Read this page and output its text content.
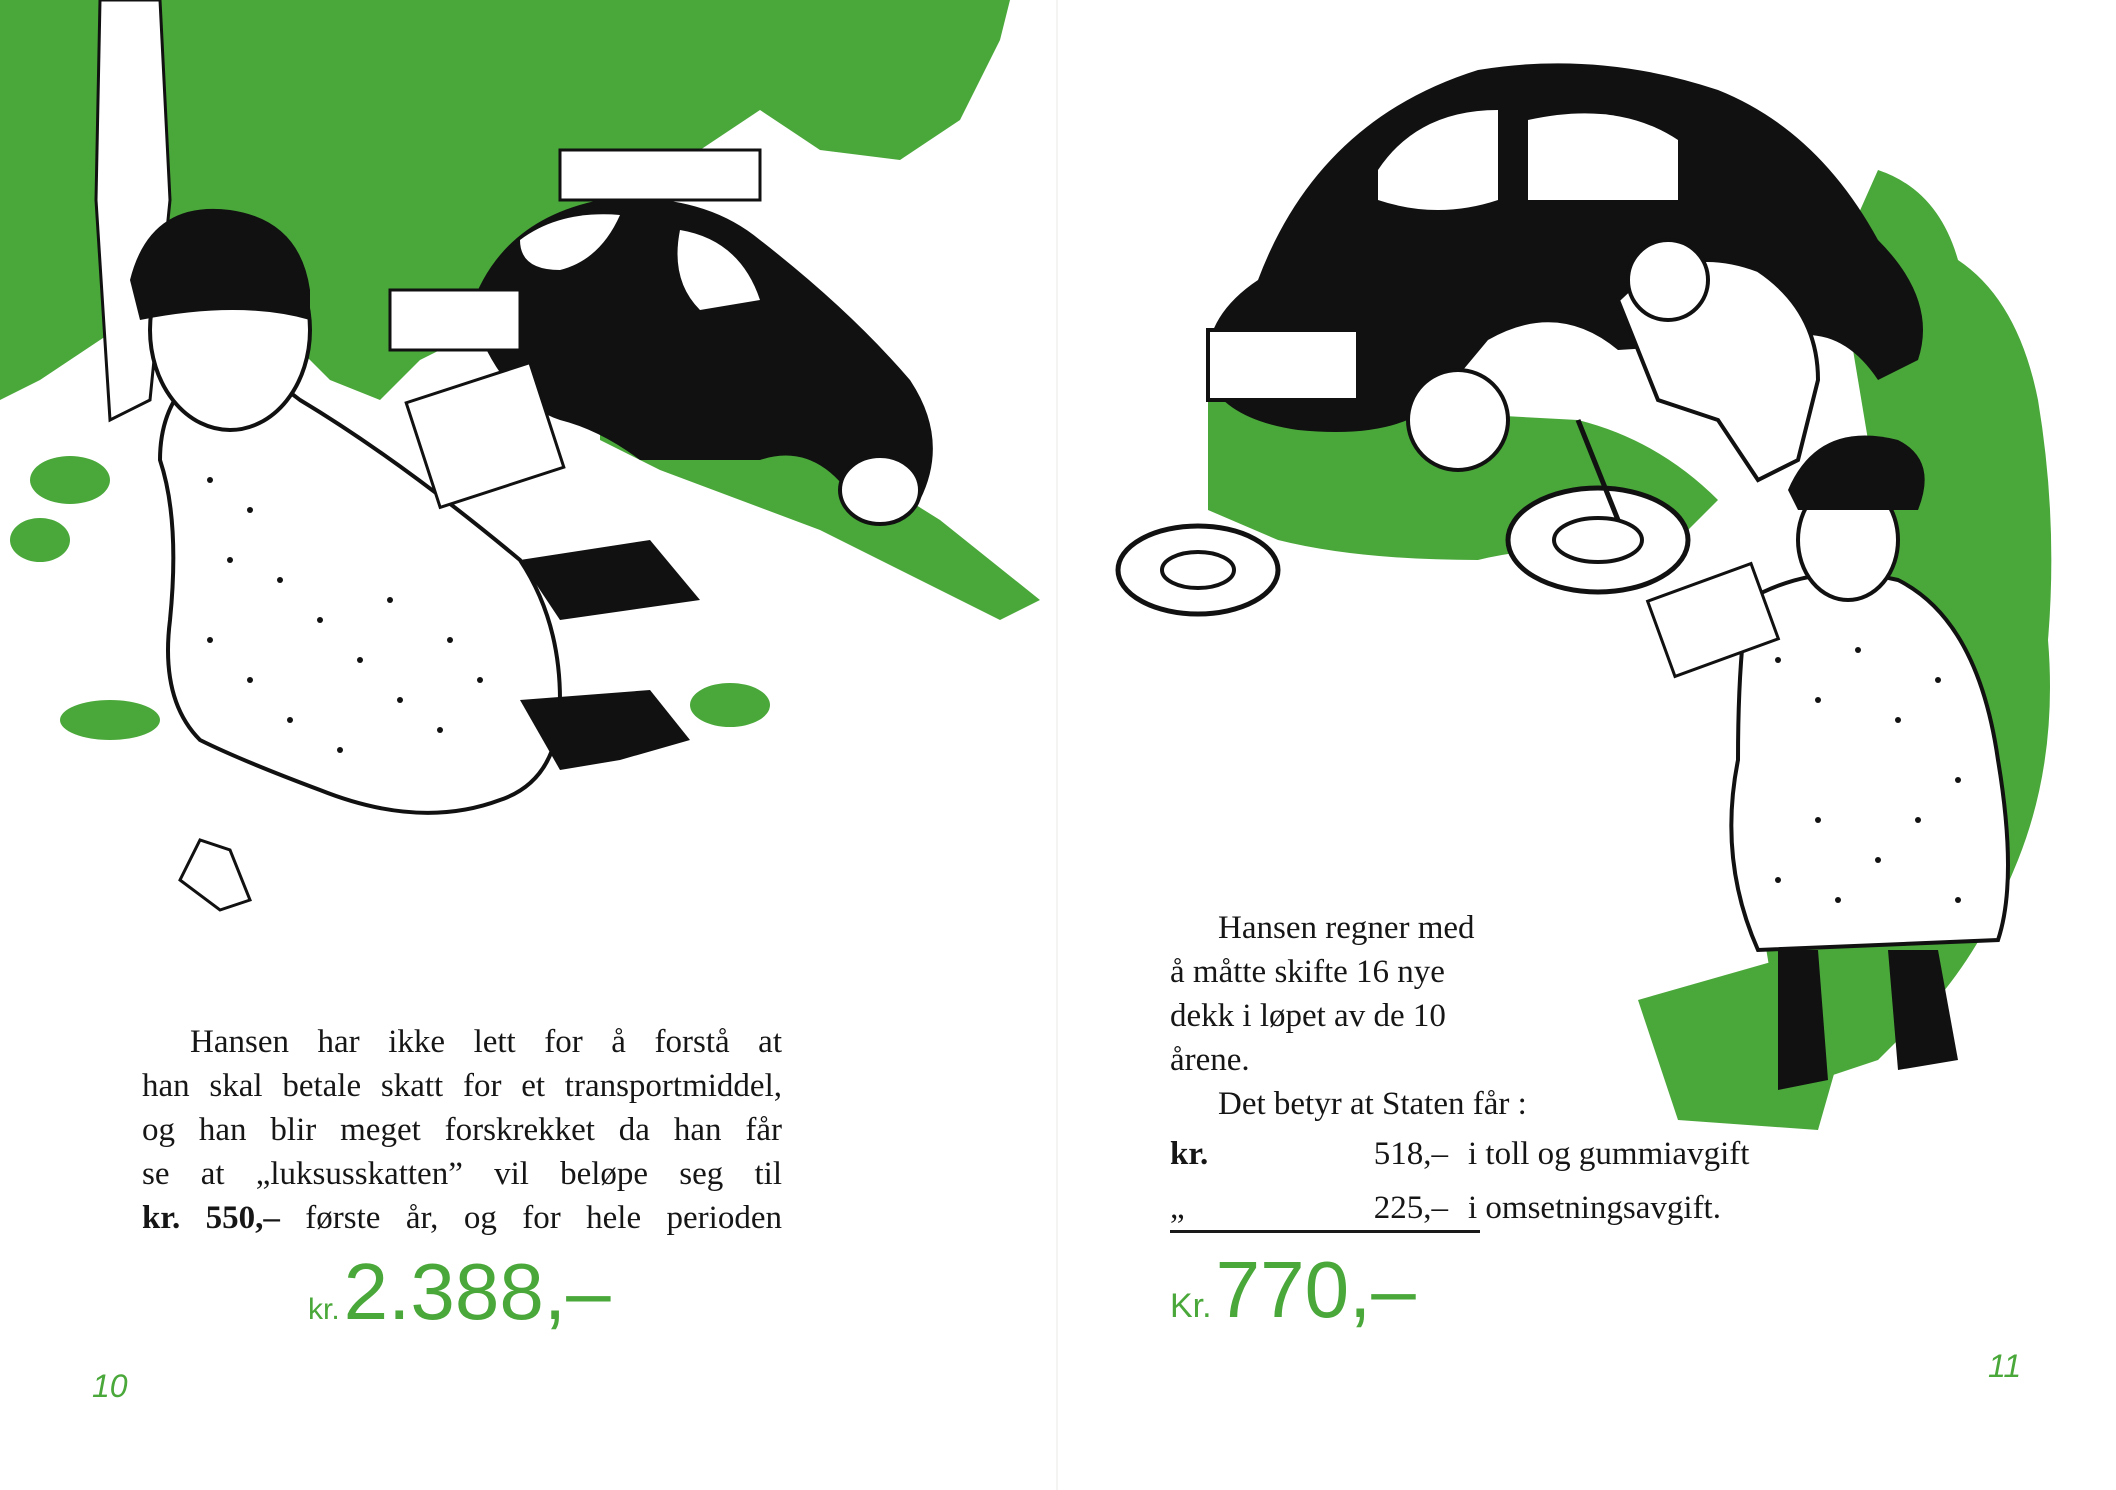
Hansen har ikke lett for å forstå at

han skal betale skatt for et transportmiddel,

og han blir meget forskrekket da han får

se at „luksusskatten” vil beløpe seg til

kr. 550,– første år, og for hele perioden

kr. 2.388,–
10

Hansen regner med

å måtte skifte 16 nye

dekk i løpet av de 10

årene.

Det betyr at Staten får :

kr.	518,– i toll og gummiavgift
„	225,– i omsetningsavgift.
Kr. 770,–
11
